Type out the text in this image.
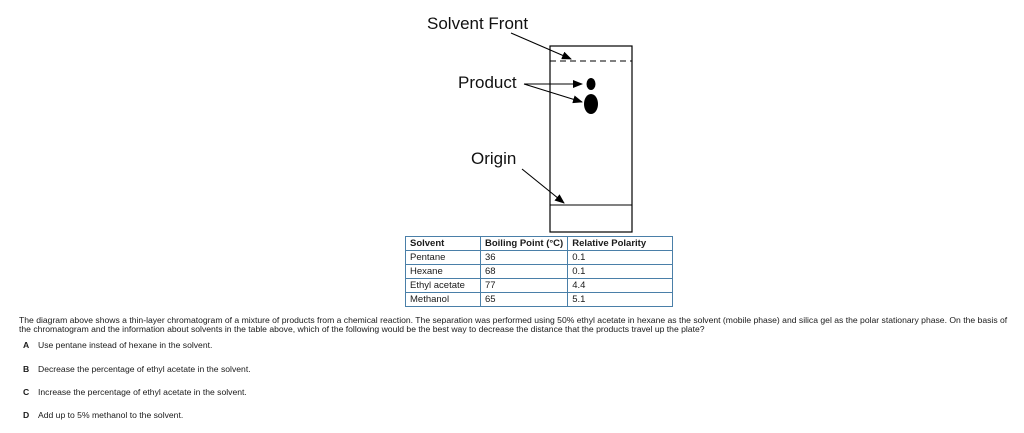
Solvent Front
Product
Origin
Solvent	Boiling Point (°C)	Relative Polarity
Pentane	36	0.1
Hexane	68	0.1
Ethyl acetate	77	4.4
Methanol	65	5.1

The diagram above shows a thin-layer chromatogram of a mixture of products from a chemical reaction. The separation was performed using 50% ethyl acetate in hexane as the solvent (mobile phase) and silica gel as the polar stationary phase. On the basis of the chromatogram and the information about solvents in the table above, which of the following would be the best way to decrease the distance that the products travel up the plate?

A Use pentane instead of hexane in the solvent.
B Decrease the percentage of ethyl acetate in the solvent.
C Increase the percentage of ethyl acetate in the solvent.
D Add up to 5% methanol to the solvent.
